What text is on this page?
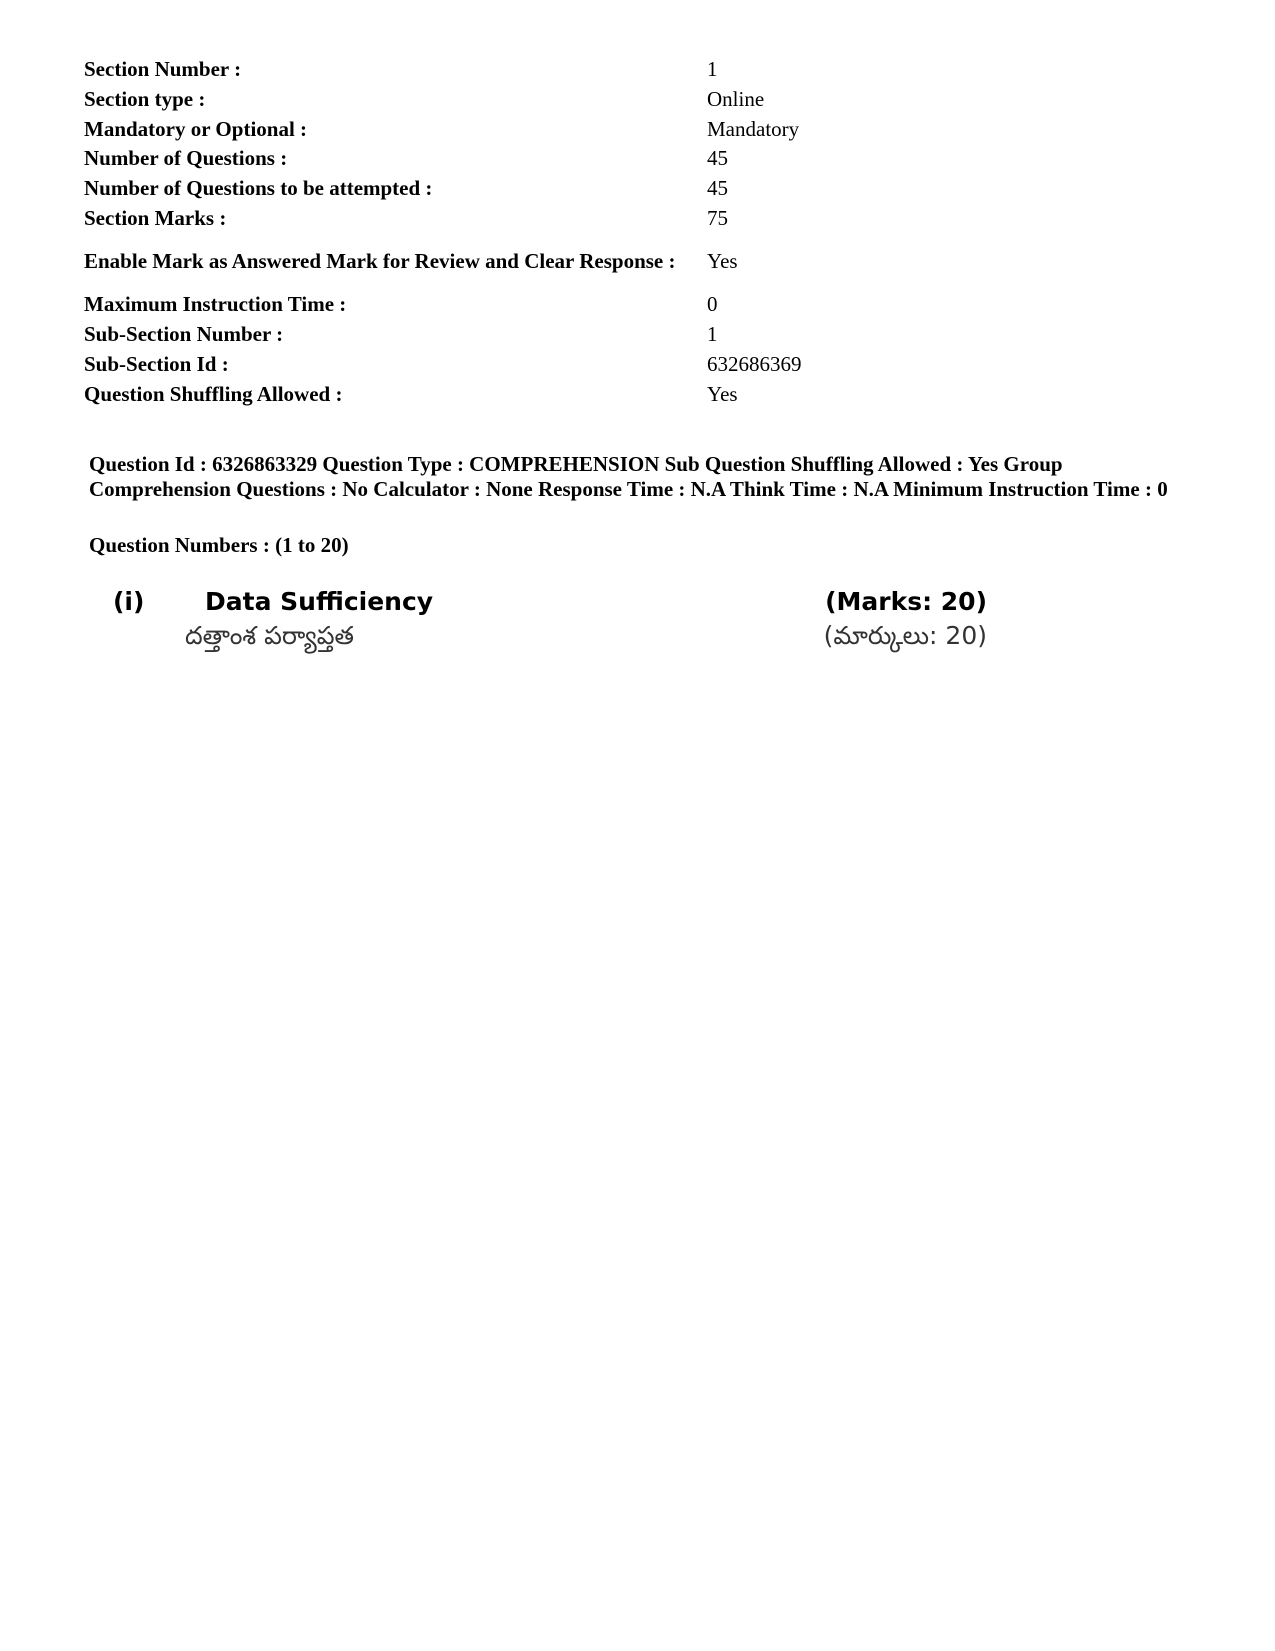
Section Number :	1
Section type :	Online
Mandatory or Optional :	Mandatory
Number of Questions :	45
Number of Questions to be attempted :	45
Section Marks :	75
Enable Mark as Answered Mark for Review and Clear Response :	Yes
Maximum Instruction Time :	0
Sub-Section Number :	1
Sub-Section Id :	632686369
Question Shuffling Allowed :	Yes
Question Id : 6326863329 Question Type : COMPREHENSION Sub Question Shuffling Allowed : Yes Group Comprehension Questions : No Calculator : None Response Time : N.A Think Time : N.A Minimum Instruction Time : 0
Question Numbers : (1 to 20)
(i) Data Sufficiency	(Marks: 20)
దత్తాంశ పర్యాప్తత	(మార్కులు: 20)
